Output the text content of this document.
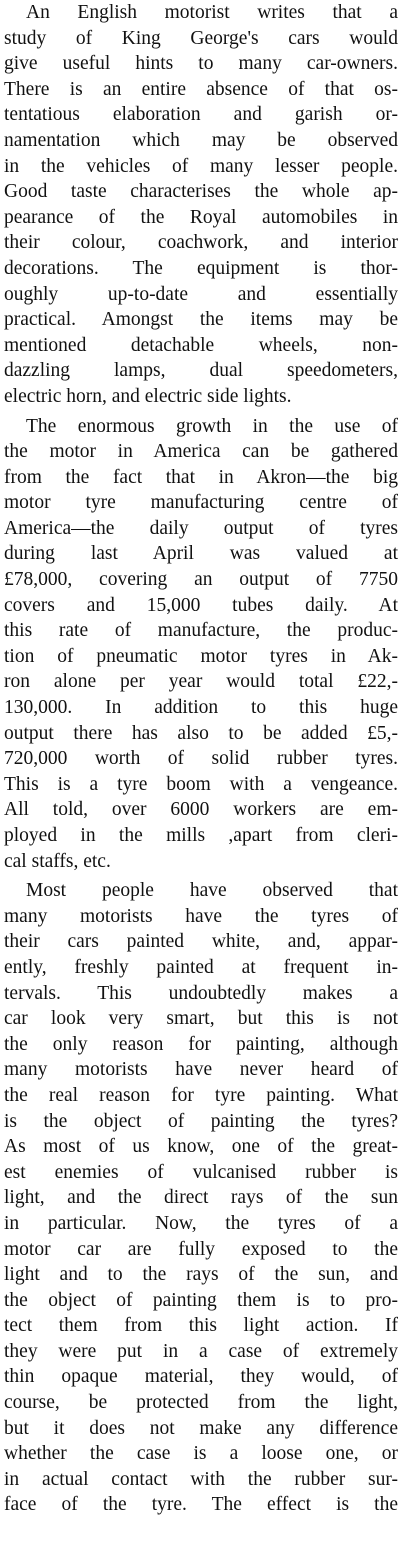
An English motorist writes that a
study of King George's cars would
give useful hints to many car-owners.
There is an entire absence of that os-
tentatious elaboration and garish or-
namentation which may be observed
in the vehicles of many lesser people.
Good taste characterises the whole ap-
pearance of the Royal automobiles in
their colour, coachwork, and interior
decorations. The equipment is thor-
oughly up-to-date and essentially
practical. Amongst the items may be
mentioned detachable wheels, non-
dazzling lamps, dual speedometers,
electric horn, and electric side lights.
The enormous growth in the use of
the motor in America can be gathered
from the fact that in Akron—the big
motor tyre manufacturing centre of
America—the daily output of tyres
during last April was valued at
£78,000, covering an output of 7750
covers and 15,000 tubes daily. At
this rate of manufacture, the produc-
tion of pneumatic motor tyres in Ak-
ron alone per year would total £22,-
130,000. In addition to this huge
output there has also to be added £5,-
720,000 worth of solid rubber tyres.
This is a tyre boom with a vengeance.
All told, over 6000 workers are em-
ployed in the mills ,apart from cleri-
cal staffs, etc.
Most people have observed that
many motorists have the tyres of
their cars painted white, and, appar-
ently, freshly painted at frequent in-
tervals. This undoubtedly makes a
car look very smart, but this is not
the only reason for painting, although
many motorists have never heard of
the real reason for tyre painting. What
is the object of painting the tyres?
As most of us know, one of the great-
est enemies of vulcanised rubber is
light, and the direct rays of the sun
in particular. Now, the tyres of a
motor car are fully exposed to the
light and to the rays of the sun, and
the object of painting them is to pro-
tect them from this light action. If
they were put in a case of extremely
thin opaque material, they would, of
course, be protected from the light,
but it does not make any difference
whether the case is a loose one, or
in actual contact with the rubber sur-
face of the tyre. The effect is the
